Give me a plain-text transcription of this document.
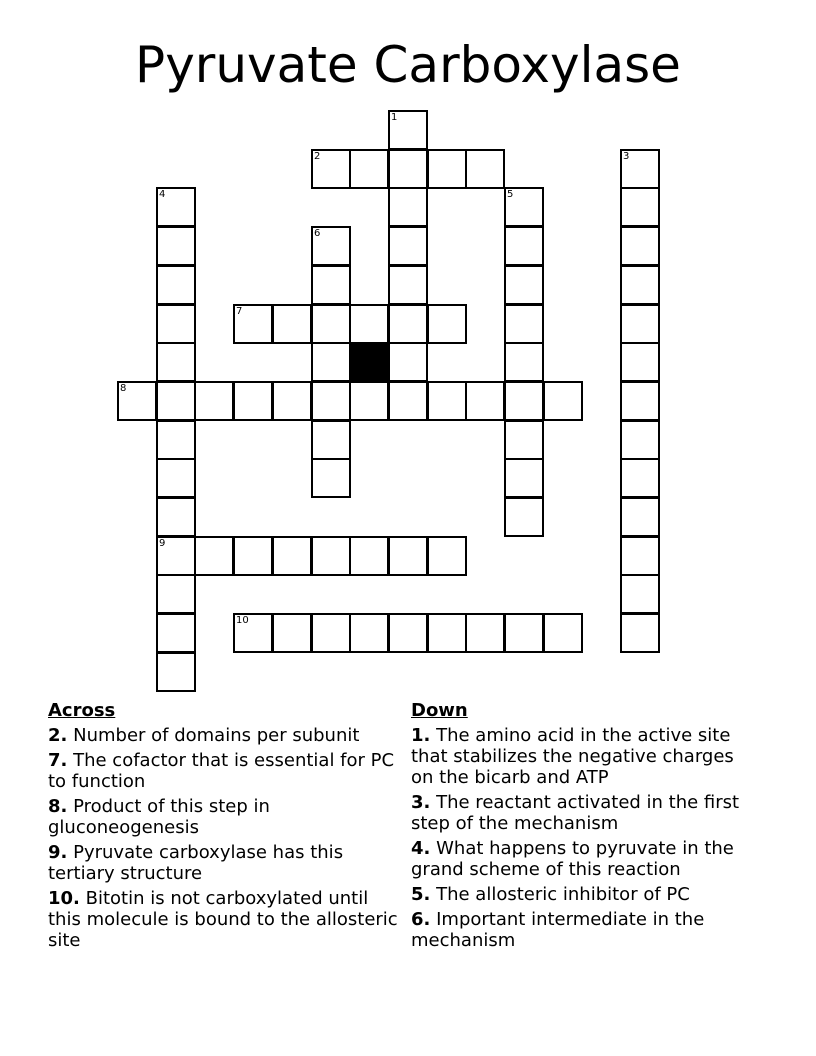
Pyruvate Carboxylase
1
2	3
4	5
6
7
8
9
10
Across
2. Number of domains per subunit
7. The cofactor that is essential for PC to function
8. Product of this step in gluconeogenesis
9. Pyruvate carboxylase has this tertiary structure
10. Bitotin is not carboxylated until this molecule is bound to the allosteric site
Down
1. The amino acid in the active site that stabilizes the negative charges on the bicarb and ATP
3. The reactant activated in the first step of the mechanism
4. What happens to pyruvate in the grand scheme of this reaction
5. The allosteric inhibitor of PC
6. Important intermediate in the mechanism
